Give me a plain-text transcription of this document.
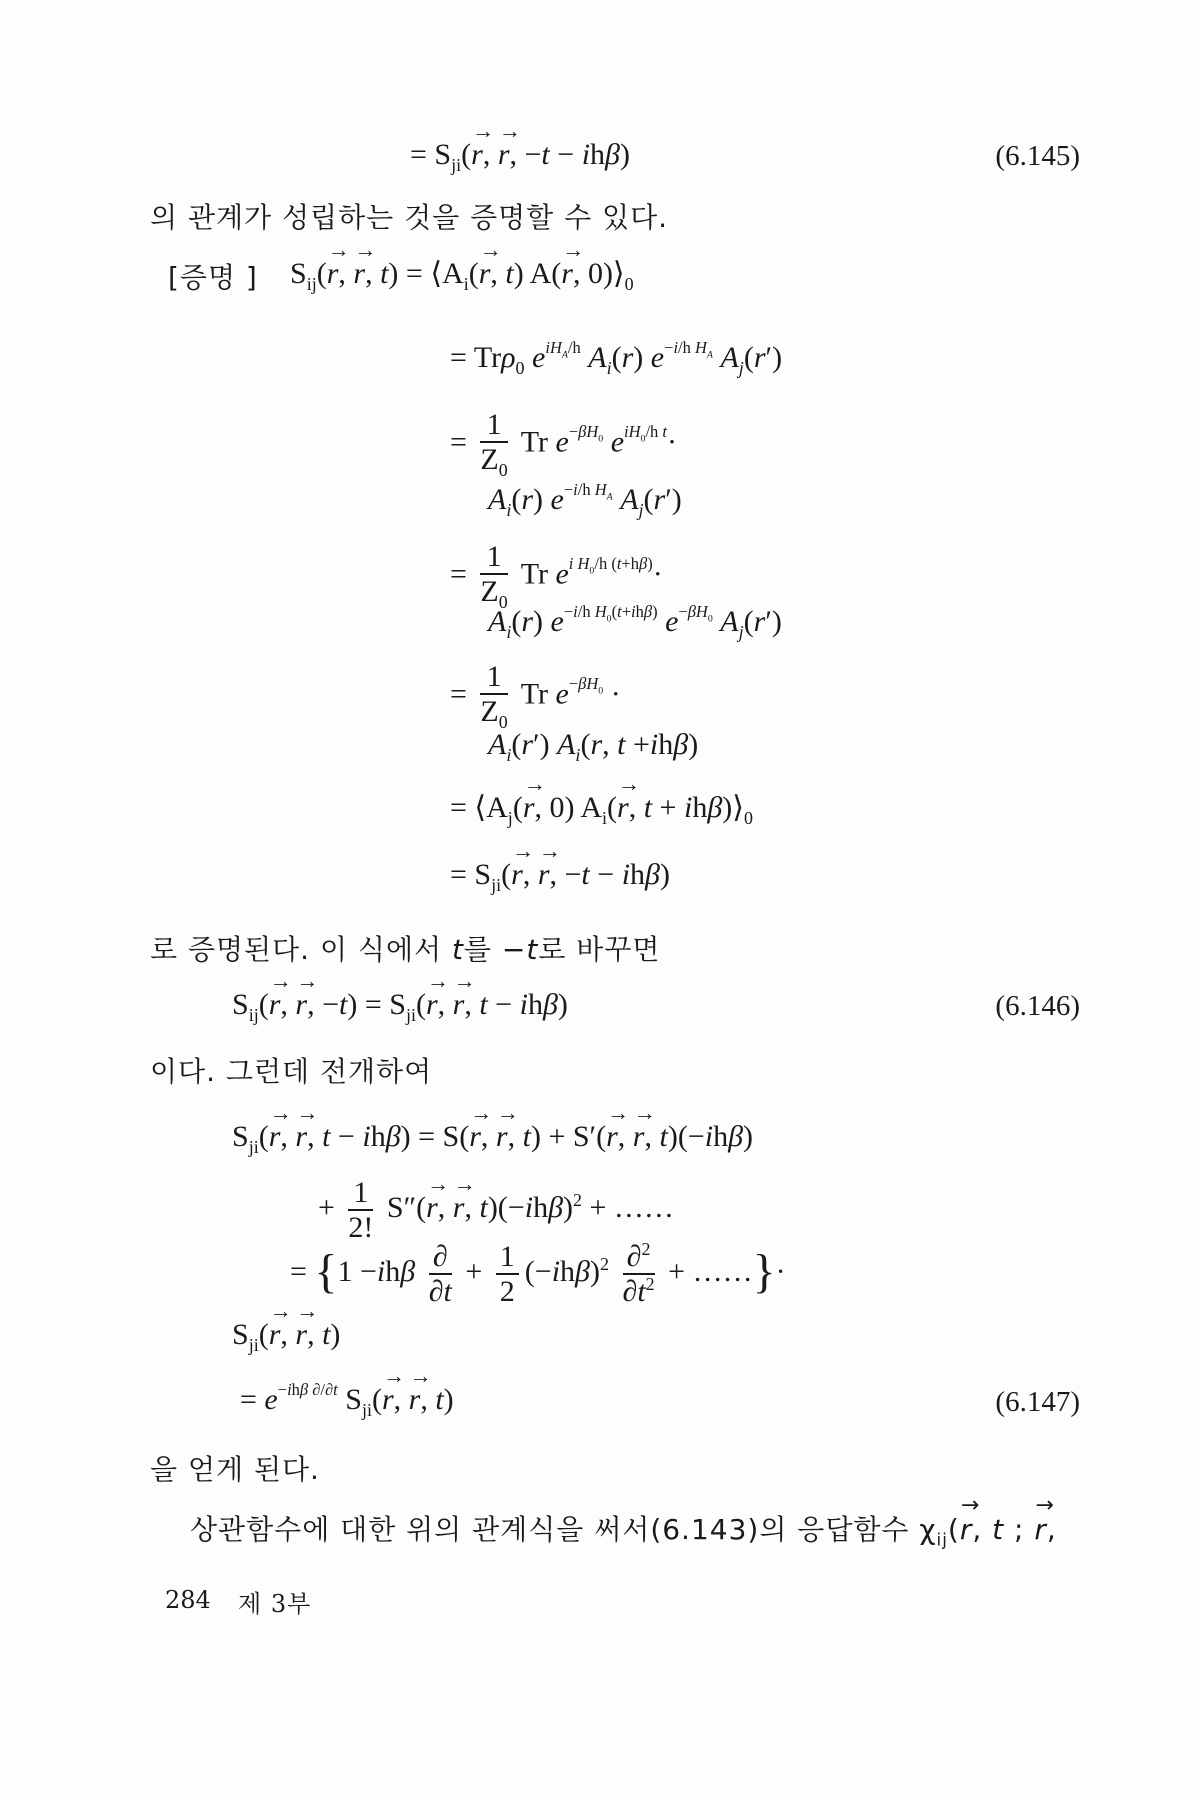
= $S_{ji}(\to r$, → r, −t − ihβ)	(6.145)
의 관계가 성립하는 것을 증명할 수 있다.
[증명 ] $S_{ij}(\to r$, → r, $t) = ⟨A_i(\to r$, t) A(→ r, $0)⟩_0$
= Trρ$_0$ $e^{iH_A/h}$ $A_i(r)$ $e^{-i/h H_A}$ $A_j(r')$
= $\frac{1}{Z_0}$ Tr $e^{-\beta H_0}$ $e^{iH_0/h t}\cdot$
$A_i(r)$ $e^{-i/h H_A}$ $A_j(r')$
= $\frac{1}{Z_0}$ Tr $e^{i H_0/h (t+h\beta)}\cdot$
$A_i(r)$ $e^{-i/h H_0(t+ih\beta)}$ $e^{-\beta H_0}$ $A_j(r')$
= $\frac{1}{Z_0}$ Tr $e^{-\beta H_0}$ ·
$A_i(r')$ $A_i(r$, t +ihβ)
= $⟨A_j(\to r$, 0) $A_i(\to r$, $t + ih\beta)⟩_0$
= $S_{ji}(\to r$, → r, −t − ihβ)
로 증명된다. 이 식에서 t를 −t로 바꾸면
$S_{ij}(\to r$, → r, $-t) = S_{ji}(\to r$, → r, t − ihβ)	(6.146)
이다. 그런데 전개하여
$S_{ji}(\to r$, → r, t − ihβ) = S(→ r, → r, t) + S′(→ r, → r, t)(−ihβ)
+ $\frac{1}{2!} S''(\to r$, → r, $t)(-ih\beta)^2$ + ……
= {$1 -ih\beta \frac{\partial}{\partial t} + \frac{1}{2} (-ih\beta)^2 \frac{\partial^2}{\partial t^2}$ + ……}·
$S_{ji}(\to r$, → r, t)
= $e^{-ih\beta \partial/\partial t}$ $S_{ji}(\to r$, → r, t)	(6.147)
을 얻게 된다.
상관함수에 대한 위의 관계식을 써서(6.143)의 응답함수 $\chi_{ij}(\to r$, t ; → r,
284 제 3부
